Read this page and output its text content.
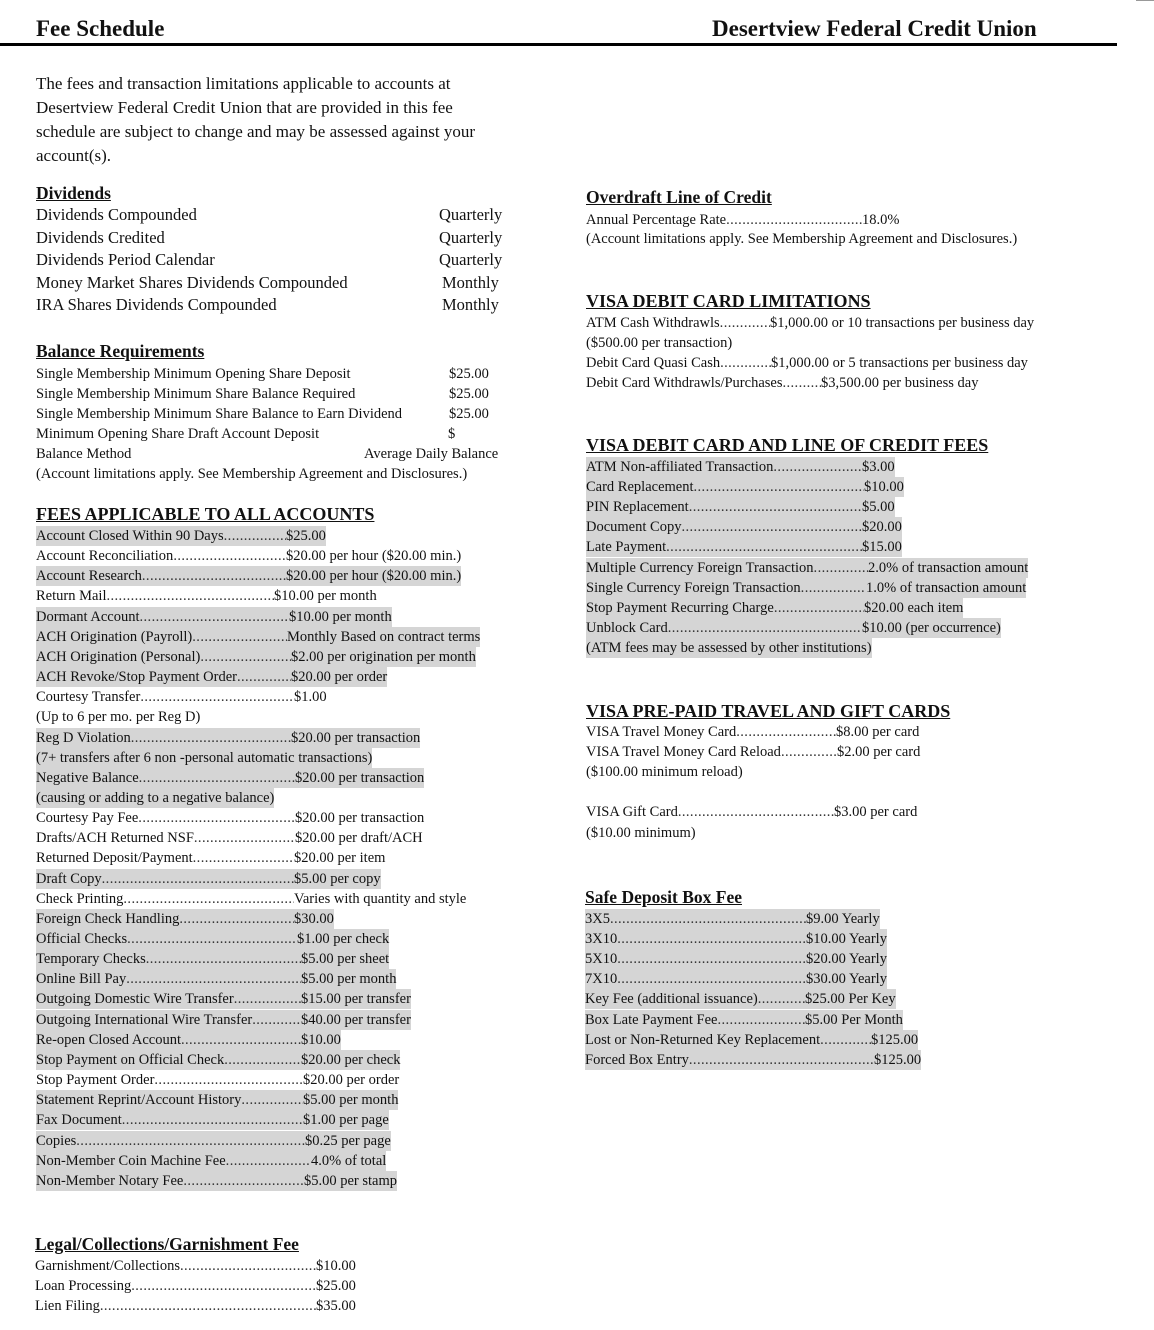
Fee Schedule	Desertview Federal Credit Union
The fees and transaction limitations applicable to accounts at Desertview Federal Credit Union that are provided in this fee schedule are subject to change and may be assessed against your account(s).
Dividends
Dividends Compounded	Quarterly
Dividends Credited	Quarterly
Dividends Period Calendar	Quarterly
Money Market Shares Dividends Compounded	Monthly
IRA Shares Dividends Compounded	Monthly
Balance Requirements
Single Membership Minimum Opening Share Deposit	$25.00
Single Membership Minimum Share Balance Required	$25.00
Single Membership Minimum Share Balance to Earn Dividend	$25.00
Minimum Opening Share Draft Account Deposit	$
Balance Method	Average Daily Balance
(Account limitations apply. See Membership Agreement and Disclosures.)
FEES APPLICABLE TO ALL ACCOUNTS
Account Closed Within 90 Days .....	$25.00
Account Reconciliation .....	$20.00 per hour ($20.00 min.)
Account Research .....	$20.00 per hour ($20.00 min.)
Return Mail .....	$10.00 per month
Dormant Account .....	$10.00 per month
ACH Origination (Payroll) .....	Monthly Based on contract terms
ACH Origination (Personal) .....	$2.00 per origination per month
ACH Revoke/Stop Payment Order .....	$20.00 per order
Courtesy Transfer .....	$1.00
(Up to 6 per mo. per Reg D)
Reg D Violation .....	$20.00 per transaction
(7+ transfers after 6 non -personal automatic transactions)
Negative Balance .....	$20.00 per transaction
(causing or adding to a negative balance)
Courtesy Pay Fee .....	$20.00 per transaction
Drafts/ACH Returned NSF .....	$20.00 per draft/ACH
Returned Deposit/Payment .....	$20.00 per item
Draft Copy .....	$5.00 per copy
Check Printing .....	Varies with quantity and style
Foreign Check Handling .....	$30.00
Official Checks .....	$1.00 per check
Temporary Checks .....	$5.00 per sheet
Online Bill Pay .....	$5.00 per month
Outgoing Domestic Wire Transfer .....	$15.00 per transfer
Outgoing International Wire Transfer .....	$40.00 per transfer
Re-open Closed Account .....	$10.00
Stop Payment on Official Check .....	$20.00 per check
Stop Payment Order .....	$20.00 per order
Statement Reprint/Account History .....	$5.00 per month
Fax Document .....	$1.00 per page
Copies .....	$0.25 per page
Non-Member Coin Machine Fee .....	4.0% of total
Non-Member Notary Fee .....	$5.00 per stamp
Legal/Collections/Garnishment Fee
Garnishment/Collections .....	$10.00
Loan Processing .....	$25.00
Lien Filing .....	$35.00
Overdraft Line of Credit
Annual Percentage Rate .....	18.0%
(Account limitations apply. See Membership Agreement and Disclosures.)
VISA DEBIT CARD LIMITATIONS
ATM Cash Withdrawls .....	$1,000.00 or 10 transactions per business day
($500.00 per transaction)
Debit Card Quasi Cash .....	$1,000.00 or 5 transactions per business day
Debit Card Withdrawls/Purchases .....	$3,500.00 per business day
VISA DEBIT CARD AND LINE OF CREDIT FEES
ATM Non-affiliated Transaction .....	$3.00
Card Replacement .....	$10.00
PIN Replacement .....	$5.00
Document Copy .....	$20.00
Late Payment .....	$15.00
Multiple Currency Foreign Transaction .....	2.0% of transaction amount
Single Currency Foreign Transaction .....	1.0% of transaction amount
Stop Payment Recurring Charge .....	$20.00 each item
Unblock Card .....	$10.00 (per occurrence)
(ATM fees may be assessed by other institutions)
VISA PRE-PAID TRAVEL AND GIFT CARDS
VISA Travel Money Card .....	$8.00 per card
VISA Travel Money Card Reload .....	$2.00 per card
($100.00 minimum reload)
VISA Gift Card .....	$3.00 per card
($10.00 minimum)
Safe Deposit Box Fee
3X5 .....	$9.00 Yearly
3X10 .....	$10.00 Yearly
5X10 .....	$20.00 Yearly
7X10 .....	$30.00 Yearly
Key Fee (additional issuance) .....	$25.00 Per Key
Box Late Payment Fee .....	$5.00 Per Month
Lost or Non-Returned Key Replacement .....	$125.00
Forced Box Entry .....	$125.00
